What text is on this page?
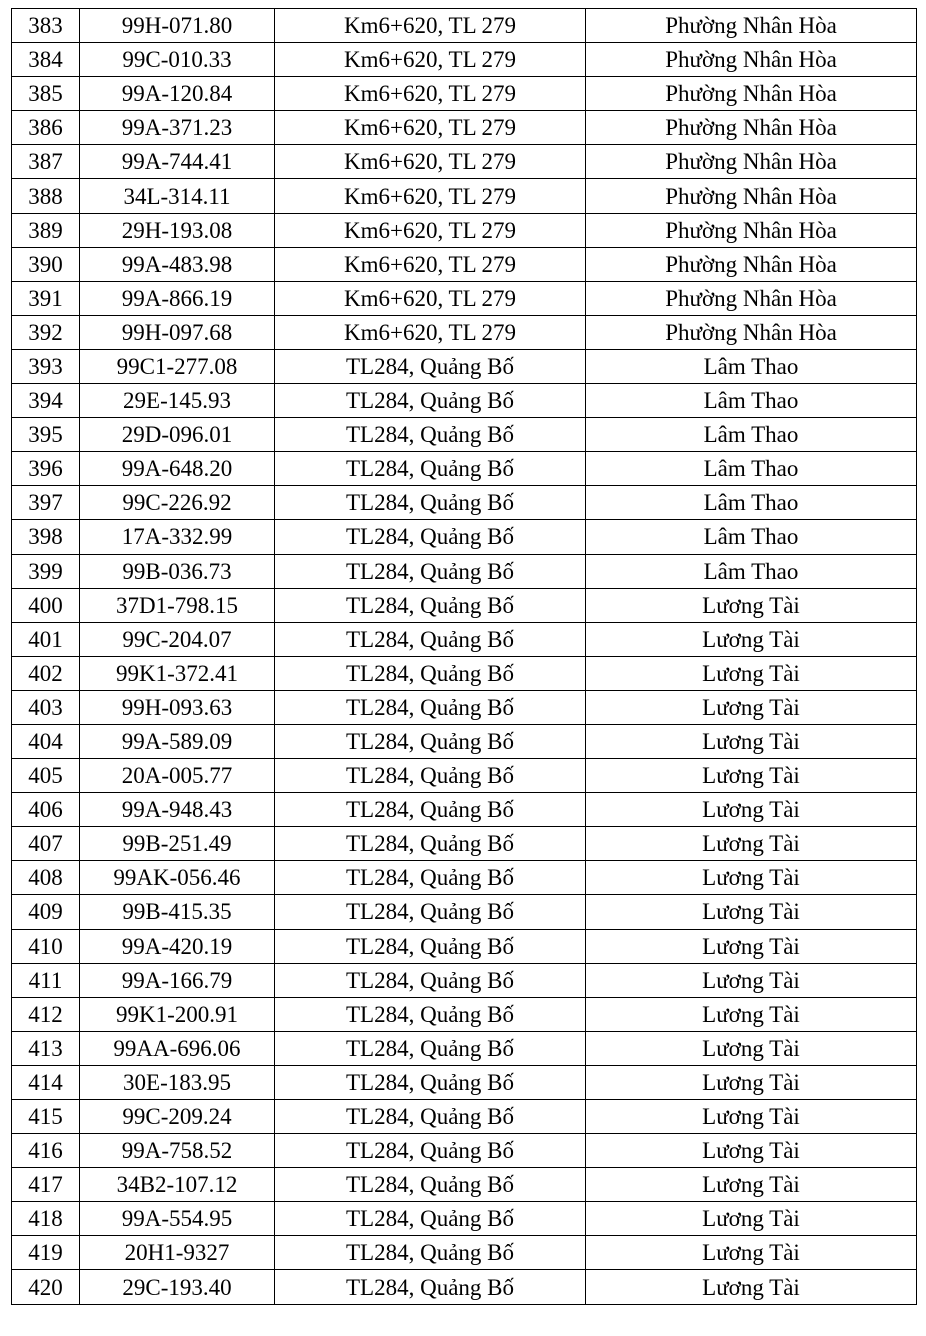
383	99H-071.80	Km6+620, TL 279	Phường Nhân Hòa
384	99C-010.33	Km6+620, TL 279	Phường Nhân Hòa
385	99A-120.84	Km6+620, TL 279	Phường Nhân Hòa
386	99A-371.23	Km6+620, TL 279	Phường Nhân Hòa
387	99A-744.41	Km6+620, TL 279	Phường Nhân Hòa
388	34L-314.11	Km6+620, TL 279	Phường Nhân Hòa
389	29H-193.08	Km6+620, TL 279	Phường Nhân Hòa
390	99A-483.98	Km6+620, TL 279	Phường Nhân Hòa
391	99A-866.19	Km6+620, TL 279	Phường Nhân Hòa
392	99H-097.68	Km6+620, TL 279	Phường Nhân Hòa
393	99C1-277.08	TL284, Quảng Bố	Lâm Thao
394	29E-145.93	TL284, Quảng Bố	Lâm Thao
395	29D-096.01	TL284, Quảng Bố	Lâm Thao
396	99A-648.20	TL284, Quảng Bố	Lâm Thao
397	99C-226.92	TL284, Quảng Bố	Lâm Thao
398	17A-332.99	TL284, Quảng Bố	Lâm Thao
399	99B-036.73	TL284, Quảng Bố	Lâm Thao
400	37D1-798.15	TL284, Quảng Bố	Lương Tài
401	99C-204.07	TL284, Quảng Bố	Lương Tài
402	99K1-372.41	TL284, Quảng Bố	Lương Tài
403	99H-093.63	TL284, Quảng Bố	Lương Tài
404	99A-589.09	TL284, Quảng Bố	Lương Tài
405	20A-005.77	TL284, Quảng Bố	Lương Tài
406	99A-948.43	TL284, Quảng Bố	Lương Tài
407	99B-251.49	TL284, Quảng Bố	Lương Tài
408	99AK-056.46	TL284, Quảng Bố	Lương Tài
409	99B-415.35	TL284, Quảng Bố	Lương Tài
410	99A-420.19	TL284, Quảng Bố	Lương Tài
411	99A-166.79	TL284, Quảng Bố	Lương Tài
412	99K1-200.91	TL284, Quảng Bố	Lương Tài
413	99AA-696.06	TL284, Quảng Bố	Lương Tài
414	30E-183.95	TL284, Quảng Bố	Lương Tài
415	99C-209.24	TL284, Quảng Bố	Lương Tài
416	99A-758.52	TL284, Quảng Bố	Lương Tài
417	34B2-107.12	TL284, Quảng Bố	Lương Tài
418	99A-554.95	TL284, Quảng Bố	Lương Tài
419	20H1-9327	TL284, Quảng Bố	Lương Tài
420	29C-193.40	TL284, Quảng Bố	Lương Tài
